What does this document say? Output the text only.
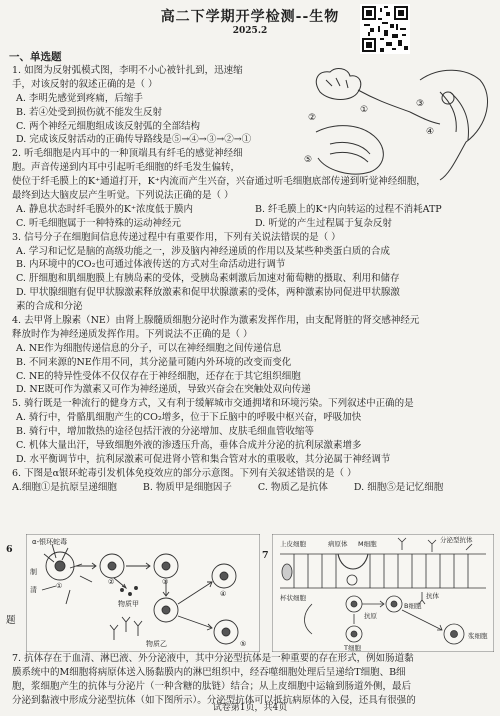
高二下学期开学检测--生物
2025.2
一、单选题
①
②
③
④
⑤
1. 如图为反射弧模式图，李明不小心被针扎到，迅速缩
手，对该反射的叙述正确的是（ ）
A. 李明先感觉到疼痛，后缩手
B. 若④处受到损伤就不能发生反射
C. 两个神经元细胞组成该反射弧的全部结构
D. 完成该反射活动的正确传导路线是⑤→④→③→②→①
2. 听毛细胞是内耳中的一种顶端具有纤毛的感觉神经细
胞。声音传递到内耳中引起听毛细胞的纤毛发生偏转，
使位于纤毛膜上的K⁺通道打开，K⁺内流而产生兴奋，兴奋通过听毛细胞底部传递到听觉神经细胞，
最终到达大脑皮层产生听觉。下列说法正确的是（ ）
A. 静息状态时纤毛膜外的K⁺浓度低于膜内	B. 纤毛膜上的K⁺内向转运的过程不消耗ATP
C. 听毛细胞属于一种特殊的运动神经元	D. 听觉的产生过程属于复杂反射
3. 信号分子在细胞间信息传递过程中有重要作用，下列有关说法错误的是（ ）
A. 学习和记忆是脑的高级功能之一，涉及脑内神经递质的作用以及某些种类蛋白质的合成
B. 内环境中的CO₂也可通过体液传送的方式对生命活动进行调节
C. 肝细胞和肌细胞膜上有胰岛素的受体，受胰岛素刺激后加速对葡萄糖的摄取、利用和储存
D. 甲状腺细胞有促甲状腺激素释放激素和促甲状腺激素的受体，两种激素协同促进甲状腺激
素的合成和分泌
4. 去甲肾上腺素（NE）由肾上腺髓质细胞分泌时作为激素发挥作用，由支配肾脏的肾交感神经元
释放时作为神经递质发挥作用。下列说法不正确的是（ ）
A. NE作为细胞传递信息的分子，可以在神经细胞之间传递信息
B. 不同来源的NE作用不同，其分泌量可随内外环境的改变而变化
C. NE的特异性受体不仅仅存在于神经细胞，还存在于其它组织细胞
D. NE既可作为激素又可作为神经递质，导致兴奋会在突触处双向传递
5. 骑行既是一种流行的健身方式，又有利于缓解城市交通拥堵和环境污染。下列叙述中正确的是
A. 骑行中，骨骼肌细胞产生的CO₂增多，位于下丘脑中的呼吸中枢兴奋，呼吸加快
B. 骑行中，增加散热的途径包括汗液的分泌增加、皮肤毛细血管收缩等
C. 机体大量出汗，导致细胞外液的渗透压升高，垂体合成并分泌的抗利尿激素增多
D. 水平衡调节中，抗利尿激素可促进肾小管和集合管对水的重吸收，其分泌属于神经调节
6. 下图是α银环蛇毒引发机体免疫效应的部分示意图。下列有关叙述错误的是（ ）
A.细胞①是抗原呈递细胞	B. 物质甲是细胞因子	C. 物质乙是抗体	D. 细胞⑤是记忆细胞
6
7
题
α-银环蛇毒
物质甲
物质乙
制
清	①	②	③
④
⑤
上皮细胞	病原体 M细胞	分泌型抗体
杯状细胞
B细胞
T细胞
浆细胞
抗原
抗体
7. 抗体存在于血清、淋巴液、外分泌液中，其中分泌型抗体是一种重要的存在形式，例如肠道黏
膜系统中的M细胞将病原体送入肠黏膜内的淋巴组织中，经吞噬细胞处理后呈递给T细胞、B细
胞，浆细胞产生的抗体与分泌片（一种含糖的肽链）结合；从上皮细胞中运输到肠道外侧，最后
分泌到黏液中形成分泌型抗体（如下图所示）。分泌型抗体可以抵抗病原体的入侵，还具有很强的
试卷第1页，共4页
